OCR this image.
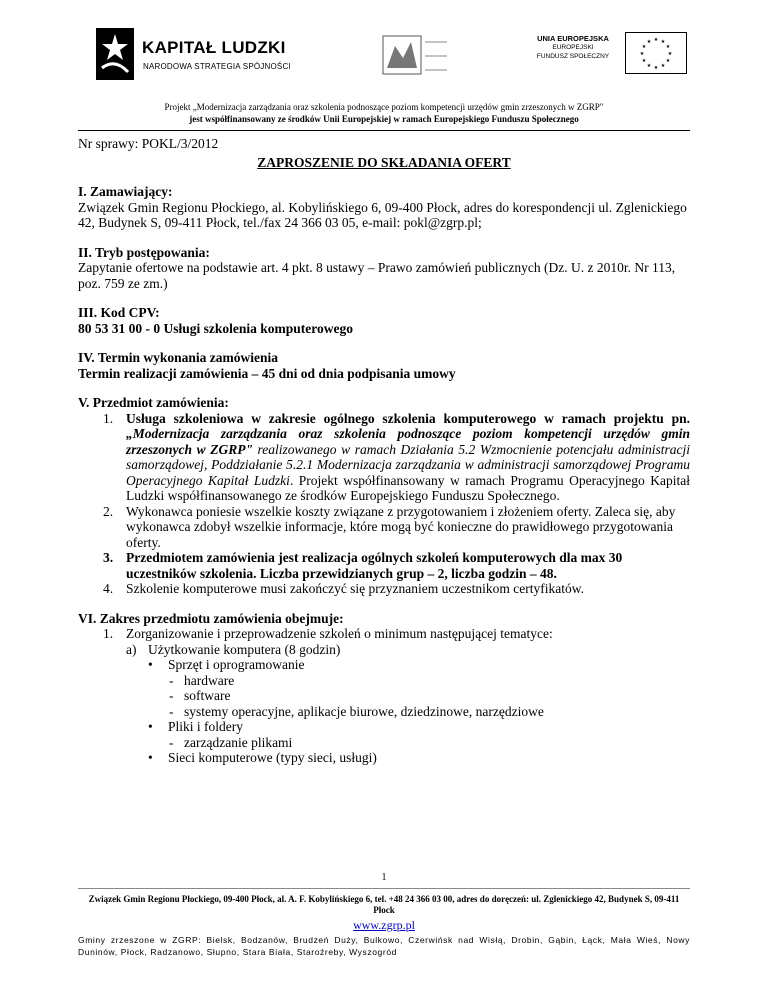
KAPITAŁ LUDZKI
NARODOWA STRATEGIA SPÓJNOŚCI
UNIA EUROPEJSKA
EUROPEJSKI
FUNDUSZ SPOŁECZNY
★ ★
★
★
★
★
★
★
★
★
★
★
Projekt „Modernizacja zarządzania oraz szkolenia podnoszące poziom kompetencji urzędów gmin zrzeszonych w ZGRP"
jest współfinansowany ze środków Unii Europejskiej w ramach Europejskiego Funduszu Społecznego

Nr sprawy: POKL/3/2012

ZAPROSZENIE DO SKŁADANIA OFERT

I. Zamawiający:

Związek Gmin Regionu Płockiego, al. Kobylińskiego 6, 09-400 Płock, adres do korespondencji ul. Zglenickiego 42, Budynek S, 09-411 Płock, tel./fax 24 366 03 05, e-mail: pokl@zgrp.pl;

II. Tryb postępowania:

Zapytanie ofertowe na podstawie art. 4 pkt. 8 ustawy – Prawo zamówień publicznych (Dz. U. z 2010r. Nr 113, poz. 759 ze zm.)

III. Kod CPV:

80 53 31 00 - 0 Usługi szkolenia komputerowego

IV. Termin wykonania zamówienia

Termin realizacji zamówienia – 45 dni od dnia podpisania umowy

V. Przedmiot zamówienia:

1. Usługa szkoleniowa w zakresie ogólnego szkolenia komputerowego w ramach projektu pn. „Modernizacja zarządzania oraz szkolenia podnoszące poziom kompetencji urzędów gmin zrzeszonych w ZGRP" realizowanego w ramach Działania 5.2 Wzmocnienie potencjału administracji samorządowej, Poddziałanie 5.2.1 Modernizacja zarządzania w administracji samorządowej Programu Operacyjnego Kapitał Ludzki. Projekt współfinansowany w ramach Programu Operacyjnego Kapitał Ludzki współfinansowanego ze środków Europejskiego Funduszu Społecznego.
2. Wykonawca poniesie wszelkie koszty związane z przygotowaniem i złożeniem oferty. Zaleca się, aby wykonawca zdobył wszelkie informacje, które mogą być konieczne do prawidłowego przygotowania oferty.
3. Przedmiotem zamówienia jest realizacja ogólnych szkoleń komputerowych dla max 30 uczestników szkolenia. Liczba przewidzianych grup – 2, liczba godzin – 48.
4. Szkolenie komputerowe musi zakończyć się przyznaniem uczestnikom certyfikatów.

VI. Zakres przedmiotu zamówienia obejmuje:

1. Zorganizowanie i przeprowadzenie szkoleń o minimum następującej tematyce:
a) Użytkowanie komputera (8 godzin)
• Sprzęt i oprogramowanie
- hardware
- software
- systemy operacyjne, aplikacje biurowe, dziedzinowe, narzędziowe
• Pliki i foldery
- zarządzanie plikami
• Sieci komputerowe (typy sieci, usługi)
1
Związek Gmin Regionu Płockiego, 09-400 Płock, al. A. F. Kobylińskiego 6, tel. +48 24 366 03 00, adres do doręczeń: ul. Zglenickiego 42, Budynek S, 09-411 Płock
www.zgrp.pl
Gminy zrzeszone w ZGRP: Bielsk, Bodzanów, Brudzeń Duży, Bulkowo, Czerwińsk nad Wisłą, Drobin, Gąbin, Łąck, Mała Wieś, Nowy Duninów, Płock, Radzanowo, Słupno, Stara Biała, Staroźreby, Wyszogród
